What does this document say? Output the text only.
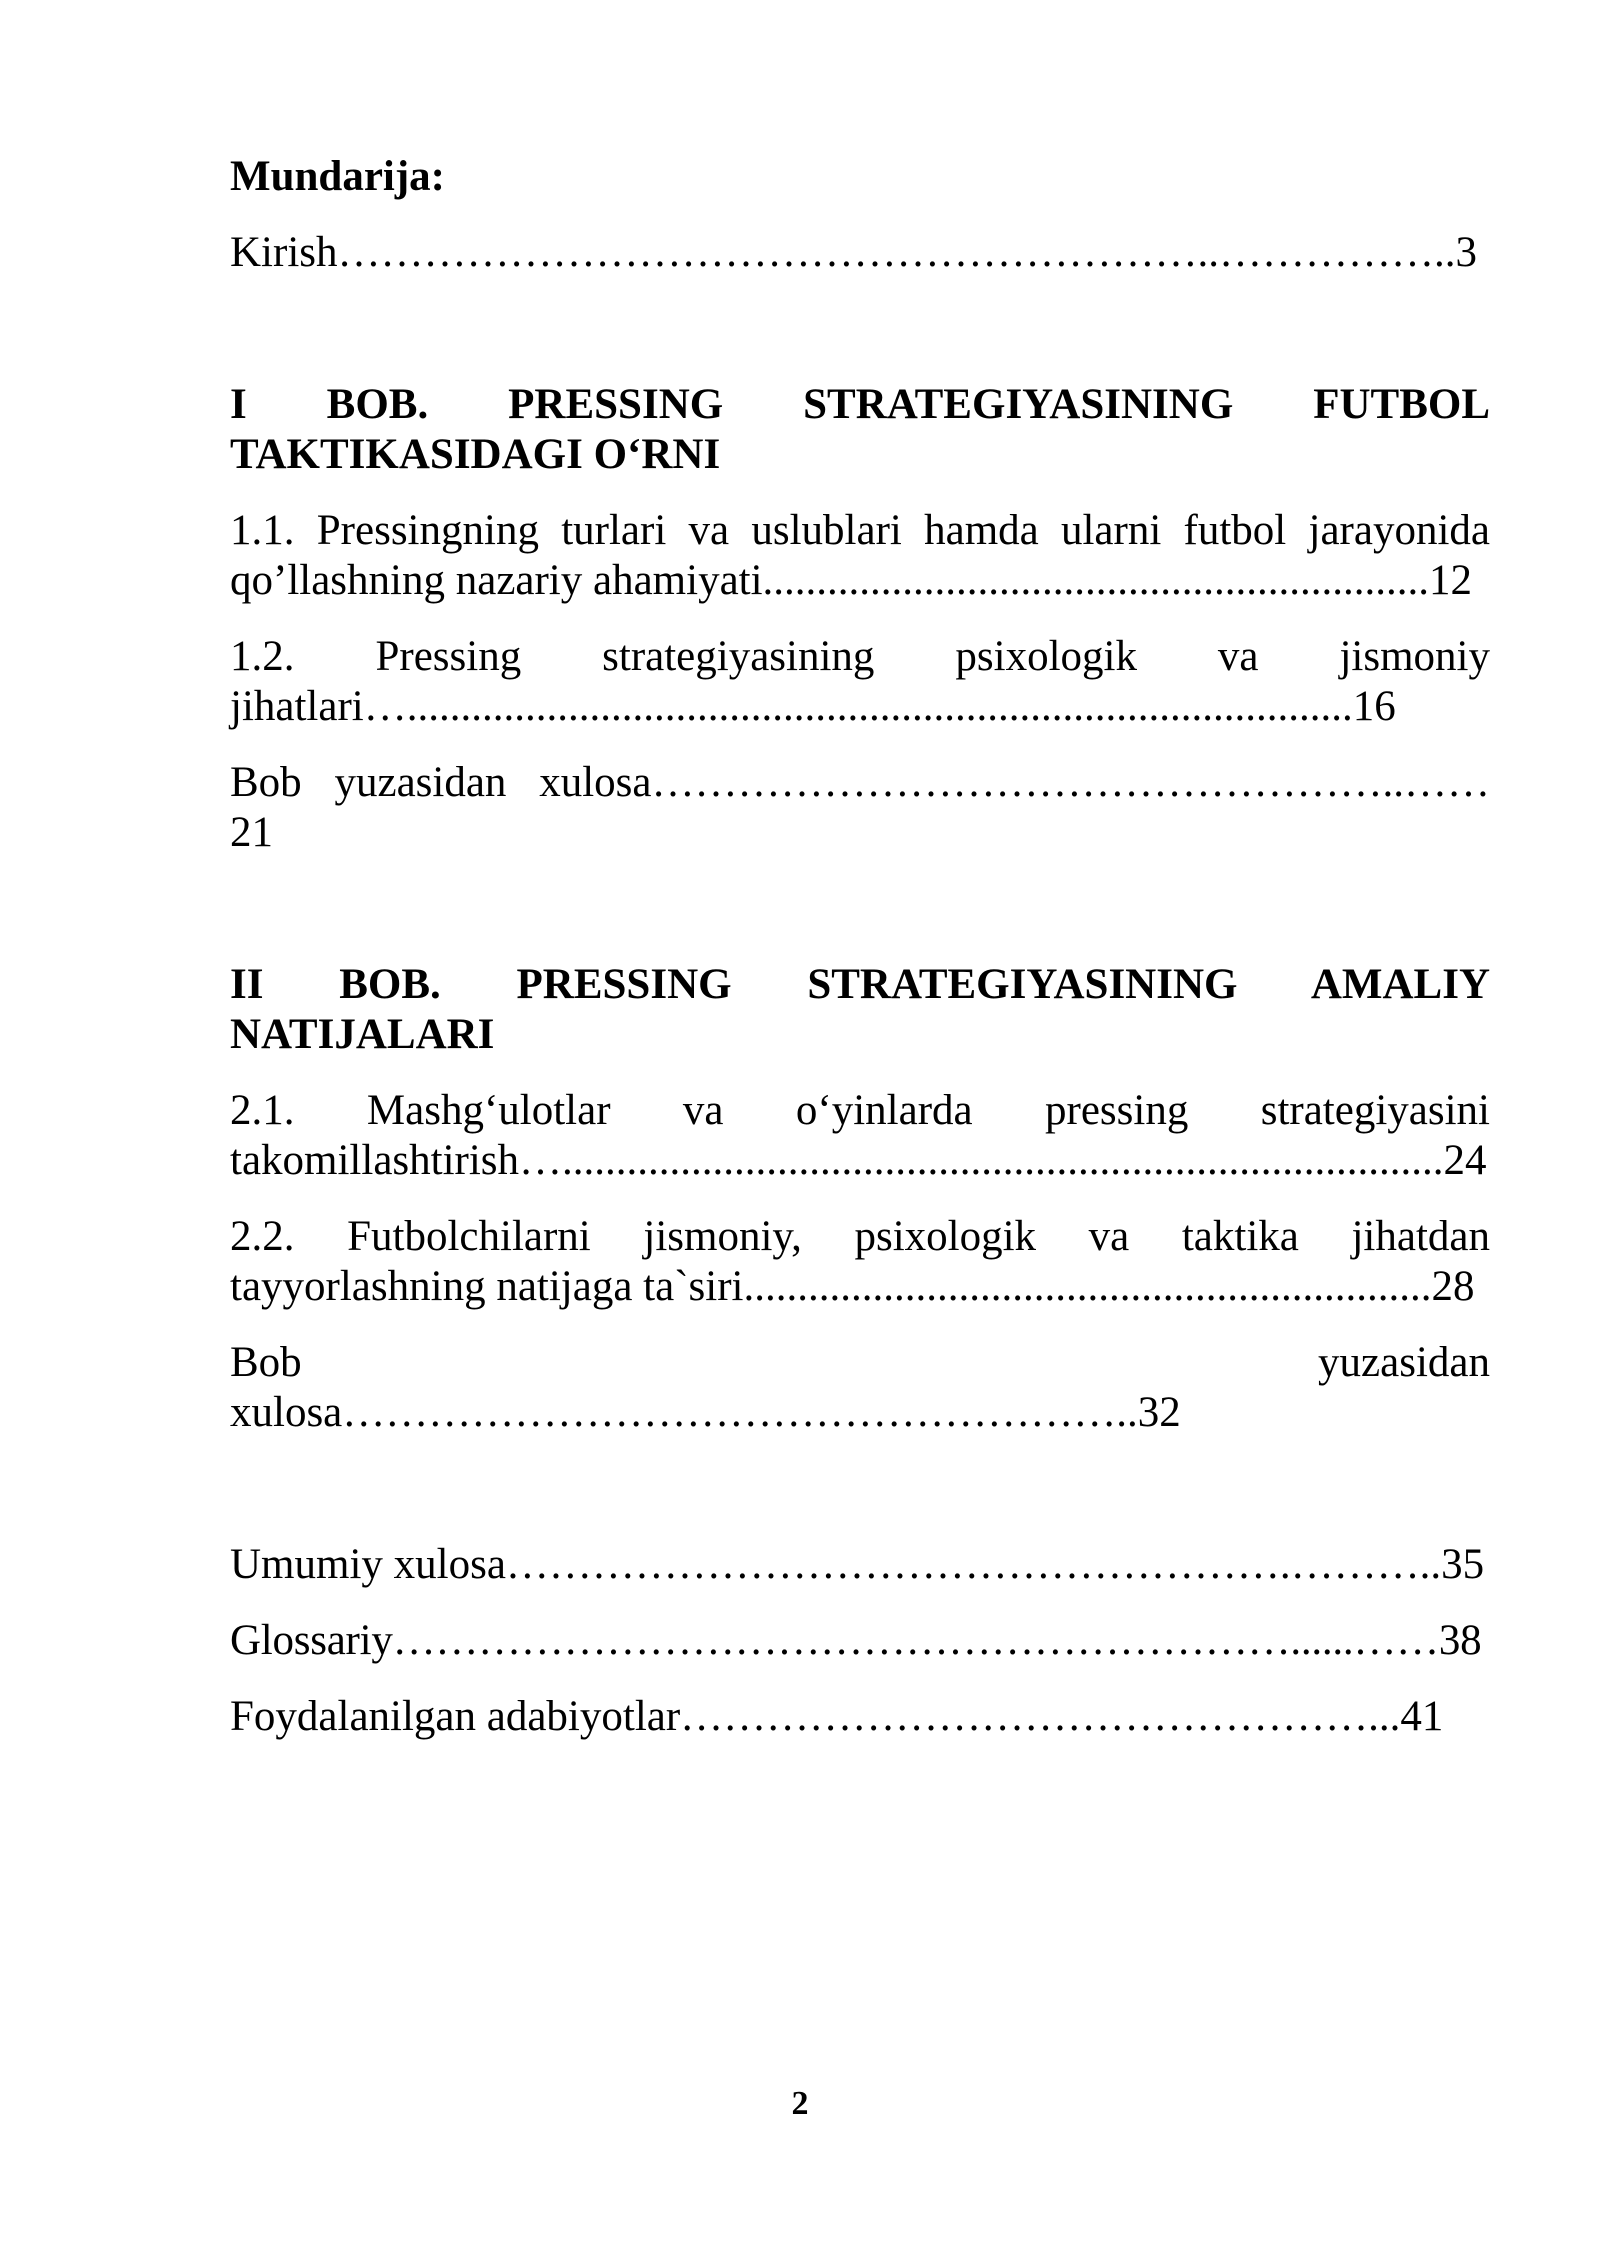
Mundarija:
Kirish……………………………………………………..……………..3
I BOB. PRESSING STRATEGIYASINING FUTBOL TAKTIKASIDAGI O‘RNI
1.1. Pressingning turlari va uslublari hamda ularni futbol jarayonida qo’llashning nazariy ahamiyati..............................................................12
1.2. Pressing strategiyasining psixologik va jismoniy jihatlari…........................................................................................16
Bob yuzasidan xulosa……………………………………………..…… 21
II BOB. PRESSING STRATEGIYASINING AMALIY NATIJALARI
2.1. Mashg‘ulotlar va o‘yinlarda pressing strategiyasini takomillashtirish…..................................................................................24
2.2. Futbolchilarni jismoniy, psixologik va taktika jihatdan tayyorlashning natijaga ta`siri................................................................28
Bob yuzasidan
xulosa………………………………………………..32
Umumiy xulosa……………………………………………….………..35
Glossariy………………………………………………………......……38
Foydalanilgan adabiyotlar…………………………………………...41
2
